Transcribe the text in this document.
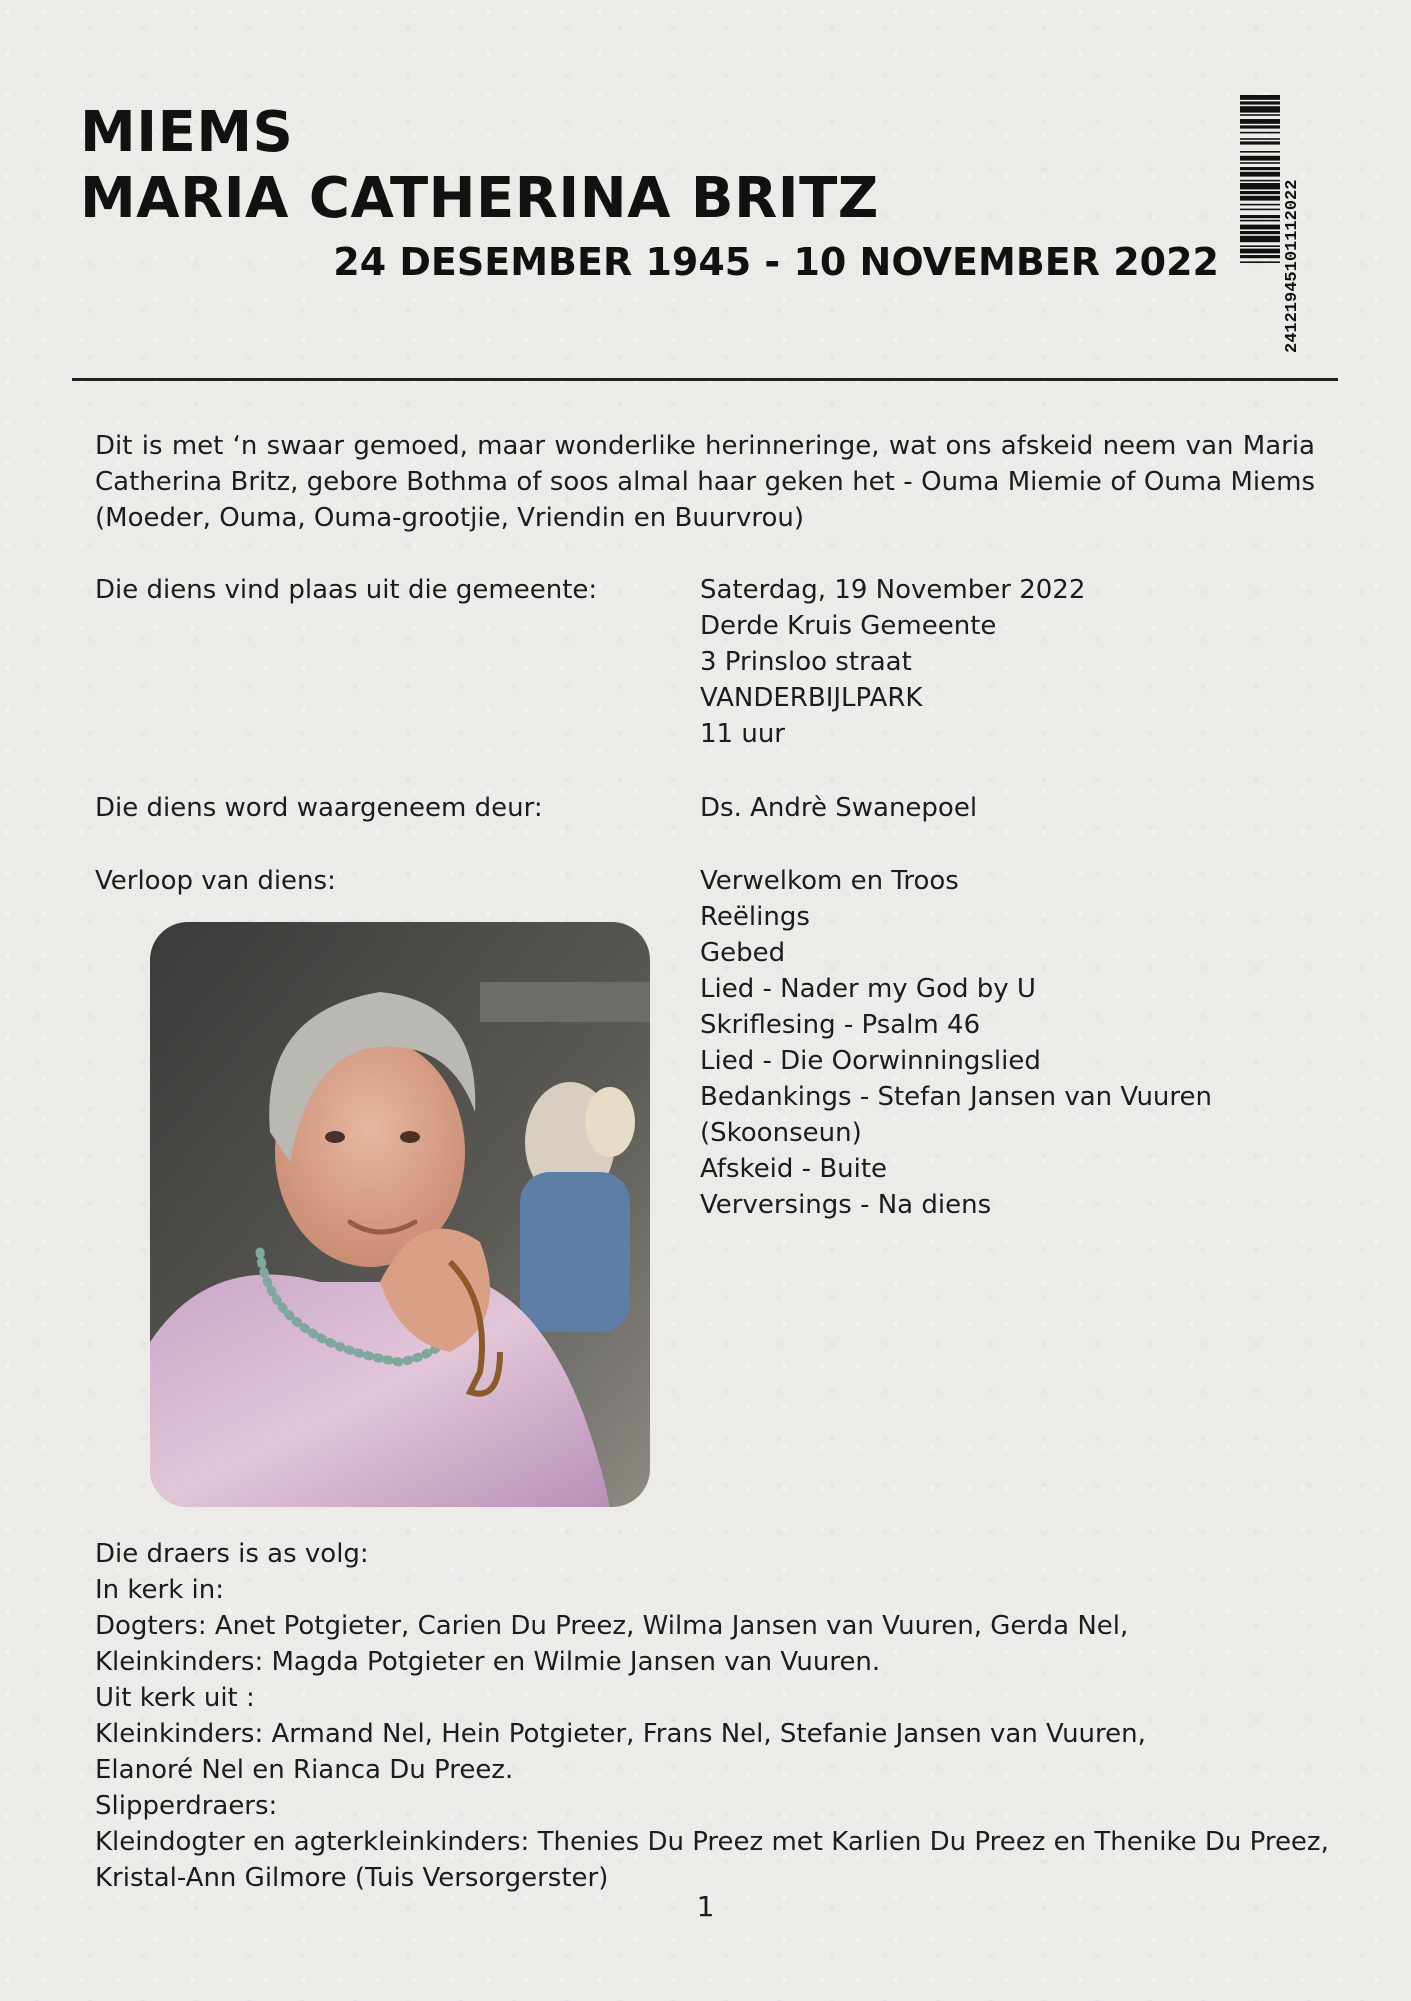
MIEMS
MARIA CATHERINA BRITZ
24 DESEMBER 1945 - 10 NOVEMBER 2022	24121945101112022

Dit is met ‘n swaar gemoed, maar wonderlike herinneringe, wat ons afskeid neem van Maria Catherina Britz, gebore Bothma of soos almal haar geken het - Ouma Miemie of Ouma Miems (Moeder, Ouma, Ouma-grootjie, Vriendin en Buurvrou)

Die diens vind plaas uit die gemeente:	Saterdag, 19 November 2022
Derde Kruis Gemeente
3 Prinsloo straat
VANDERBIJLPARK
11 uur
Die diens word waargeneem deur:	Ds. Andrè Swanepoel
Verloop van diens:	Verwelkom en Troos
Reëlings
Gebed
Lied - Nader my God by U
Skriflesing - Psalm 46
Lied - Die Oorwinningslied
Bedankings - Stefan Jansen van Vuuren
(Skoonseun)
Afskeid - Buite
Verversings - Na diens
Die draers is as volg:
In kerk in:
Dogters: Anet Potgieter, Carien Du Preez, Wilma Jansen van Vuuren, Gerda Nel,
Kleinkinders: Magda Potgieter en Wilmie Jansen van Vuuren.
Uit kerk uit :
Kleinkinders: Armand Nel, Hein Potgieter, Frans Nel, Stefanie Jansen van Vuuren,
Elanoré Nel en Rianca Du Preez.
Slipperdraers:
Kleindogter en agterkleinkinders: Thenies Du Preez met Karlien Du Preez en Thenike Du Preez,
Kristal-Ann Gilmore (Tuis Versorgerster)
1
